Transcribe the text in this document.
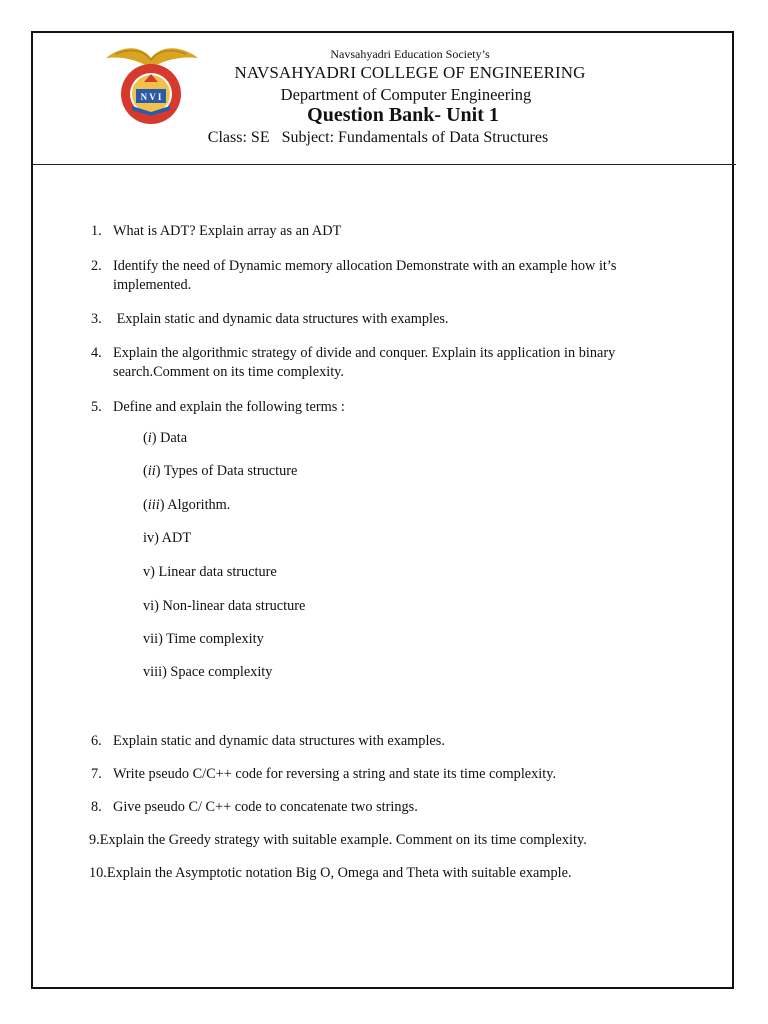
N V I
Navsahyadri Education Society’s
NAVSAHYADRI COLLEGE OF ENGINEERING
Department of Computer Engineering
Question Bank- Unit 1
Class: SE Subject: Fundamentals of Data Structures
1. What is ADT? Explain array as an ADT
2. Identify the need of Dynamic memory allocation Demonstrate with an example how it’s implemented.
3. Explain static and dynamic data structures with examples.
4. Explain the algorithmic strategy of divide and conquer. Explain its application in binary search.Comment on its time complexity.
5. Define and explain the following terms :
(i) Data
(ii) Types of Data structure
(iii) Algorithm.
iv) ADT
v) Linear data structure
vi) Non-linear data structure
vii) Time complexity
viii) Space complexity
6. Explain static and dynamic data structures with examples.
7. Write pseudo C/C++ code for reversing a string and state its time complexity.
8. Give pseudo C/ C++ code to concatenate two strings.
9.Explain the Greedy strategy with suitable example. Comment on its time complexity.
10.Explain the Asymptotic notation Big O, Omega and Theta with suitable example.
